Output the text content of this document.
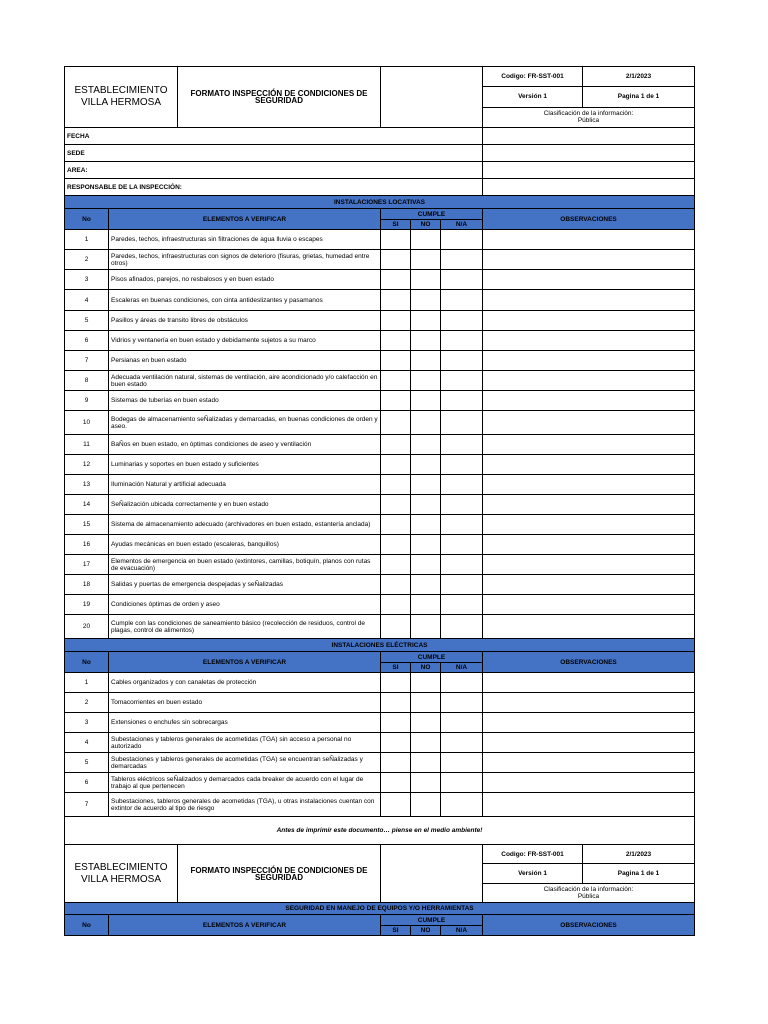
ESTABLECIMIENTO
VILLA HERMOSA
FORMATO INSPECCIÓN DE CONDICIONES DE SEGURIDAD					Codigo: FR-SST-001	2/1/2023
					Versión 1	Pagina 1 de 1

					Clasificación de la información:
Pública	

FECHA						
SEDE						
AREA:						
RESPONSABLE DE LA INSPECCIÓN:						
INSTALACIONES LOCATIVAS						
No	ELEMENTOS A VERIFICAR	CUMPLE			OBSERVACIONES	
		SI	NO	N/A		
1	Paredes, techos, infraestructuras sin filtraciones de agua lluvia o escapes					
2	Paredes, techos, infraestructuras con signos de deterioro (fisuras, grietas, humedad entre otros)					
3	Pisos afinados, parejos, no resbalosos y en buen estado					
4	Escaleras en buenas condiciones, con cinta antideslizantes y pasamanos					
5	Pasillos y áreas de transito libres de obstáculos					
6	Vidrios y ventanería en buen estado y debidamente sujetos a su marco					
7	Persianas en buen estado					
8	Adecuada ventilación natural, sistemas de ventilación, aire acondicionado y/o calefacción en buen estado					
9	Sistemas de tuberías en buen estado					
10	Bodegas de almacenamiento seÑalizadas y demarcadas, en buenas condiciones de orden y aseo.					
11	BaÑos en buen estado, en óptimas condiciones de aseo y ventilación					
12	Luminarias y soportes en buen estado y suficientes					
13	Iluminación Natural y artificial adecuada					
14	SeÑalización ubicada correctamente y en buen estado					
15	Sistema de almacenamiento adecuado (archivadores en buen estado, estantería anclada)					
16	Ayudas mecánicas en buen estado (escaleras, banquillos)					
17	Elementos de emergencia en buen estado (extintores, camillas, botiquín, planos con rutas de evacuación)					
18	Salidas y puertas de emergencia despejadas y seÑalizadas					
19	Condiciones óptimas de orden y aseo					
20	Cumple con las condiciones de saneamiento básico (recolección de residuos, control de plagas, control de alimentos)					
INSTALACIONES ELÉCTRICAS						
No	ELEMENTOS A VERIFICAR	CUMPLE			OBSERVACIONES	
		SI	NO	N/A		
1	Cables organizados y con canaletas de protección					
2	Tomacorrientes en buen estado					
3	Extensiones o enchufes sin sobrecargas					
4	Subestaciones y tableros generales de acometidas (TGA) sin acceso a personal no autorizado					
5	Subestaciones y tableros generales de acometidas (TGA) se encuentran seÑalizadas y demarcadas					
6	Tableros eléctricos seÑalizados y demarcados cada breaker de acuerdo con el lugar de trabajo al que pertenecen					
7	Subestaciones, tableros generales de acometidas (TGA), u otras instalaciones cuentan con extintor de acuerdo al tipo de riesgo					
Antes de imprimir este documento… piense en el medio ambiente!						

ESTABLECIMIENTO
VILLA HERMOSA
FORMATO INSPECCIÓN DE CONDICIONES DE SEGURIDAD					Codigo: FR-SST-001	2/1/2023
					Versión 1	Pagina 1 de 1

					Clasificación de la información:
Pública	

SEGURIDAD EN MANEJO DE EQUIPOS Y/O HERRAMIENTAS						
No	ELEMENTOS A VERIFICAR	CUMPLE			OBSERVACIONES	
		SI	NO	N/A		
